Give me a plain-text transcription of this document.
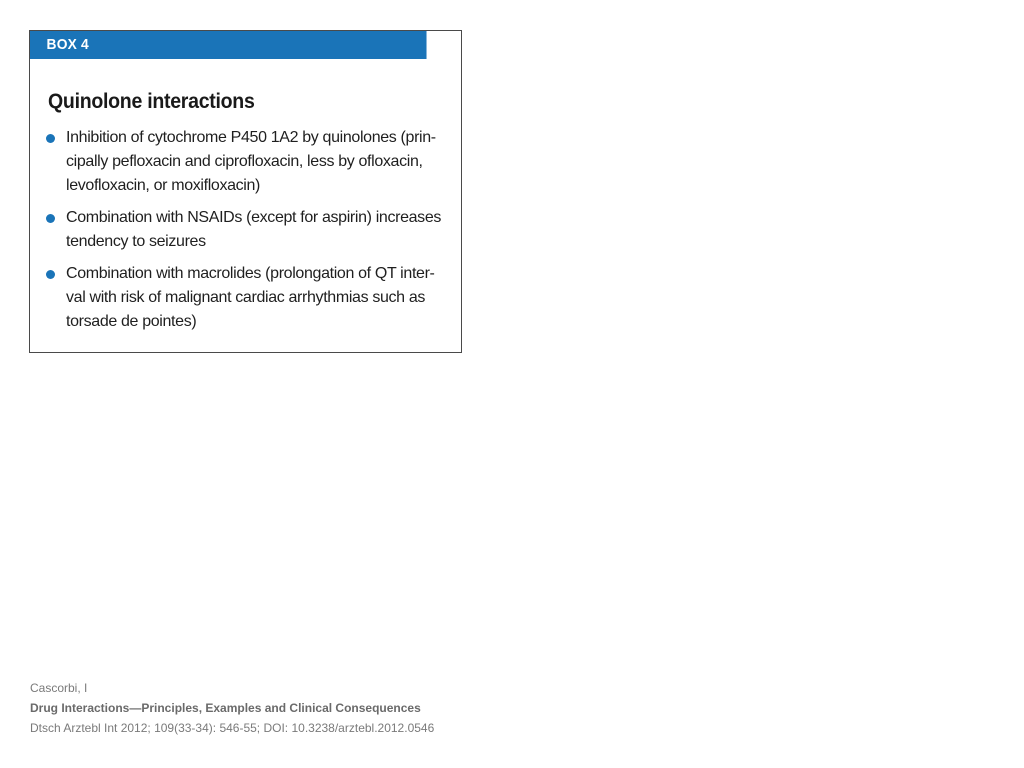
BOX 4
Quinolone interactions
Inhibition of cytochrome P450 1A2 by quinolones (prin-
cipally pefloxacin and ciprofloxacin, less by ofloxacin,
levofloxacin, or moxifloxacin)
Combination with NSAIDs (except for aspirin) increases
tendency to seizures
Combination with macrolides (prolongation of QT inter-
val with risk of malignant cardiac arrhythmias such as
torsade de pointes)
Cascorbi, I
Drug Interactions—Principles, Examples and Clinical Consequences
Dtsch Arztebl Int 2012; 109(33-34): 546-55; DOI: 10.3238/arztebl.2012.0546
